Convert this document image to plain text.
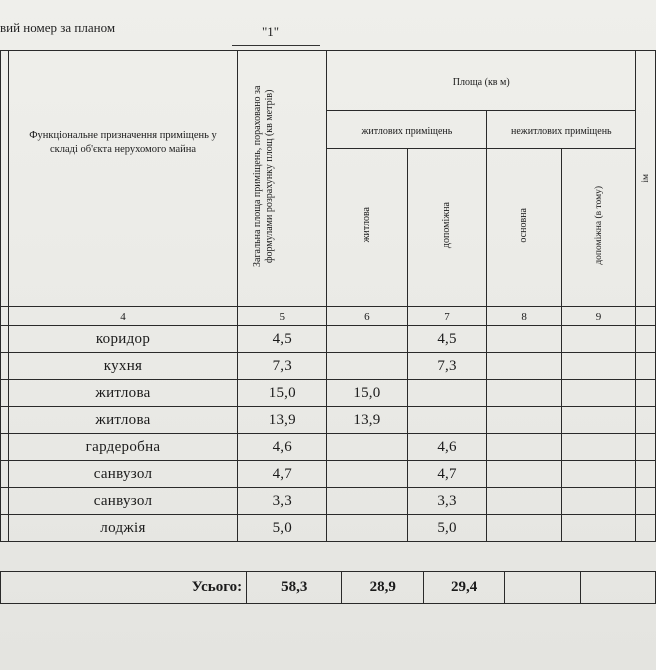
вий номер за планом	"1"

	Функціональне призначення приміщень у складі об'єкта нерухомого майна	Загальна площа приміщень, пораховано за формулами розрахунку площ (кв метрів)	Площа (кв м)				ім
			житлових приміщень		нежитлових приміщень		
			житлова	допоміжна	основна	допоміжна (в тому)	
	4	5	6	7	8	9	
	коридор	4,5		4,5			
	кухня	7,3		7,3			
	житлова	15,0	15,0				
	житлова	13,9	13,9				
	гардеробна	4,6		4,6			
	санвузол	4,7		4,7			
	санвузол	3,3		3,3			
	лоджія	5,0		5,0			
Усього:	58,3	28,9	29,4		
